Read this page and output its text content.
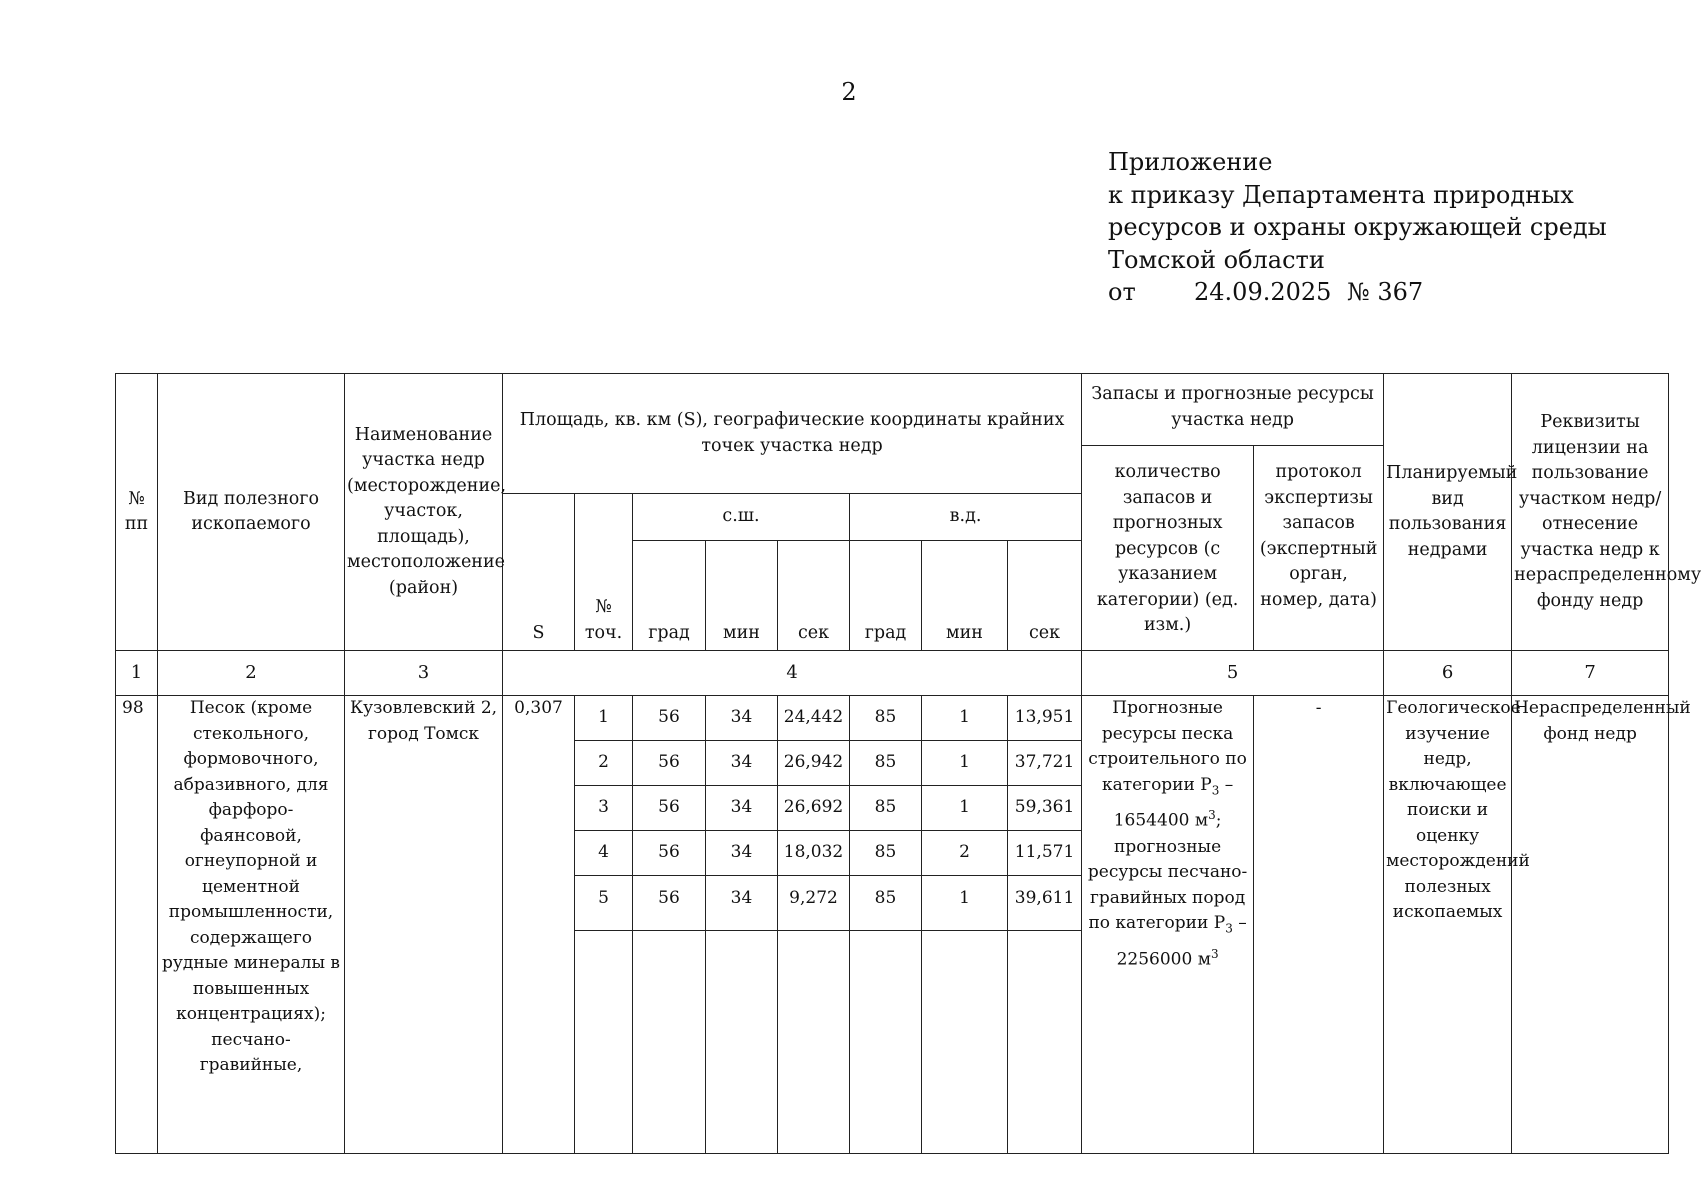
2
Приложение
к приказу Департамента природных
ресурсов и охраны окружающей среды
Томской области
от 24.09.2025 № 367
№ пп	Вид полезного ископаемого	Наименование участка недр (месторождение, участок, площадь), местоположение (район)	Площадь, кв. км (S), географические координаты крайних точек участка недр								Запасы и прогнозные ресурсы участка недр		Планируемый вид пользования недрами	Реквизиты лицензии на пользование участком недр/ отнесение участка недр к нераспределенному фонду недр
											количество запасов и прогнозных ресурсов (с указанием категории) (ед. изм.)	протокол экспертизы запасов (экспертный орган, номер, дата)		
			S	№ точ.	с.ш.			в.д.						
					град	мин	сек	град	мин	сек				
1	2	3	4								5		6	7
98	Песок (кроме стекольного, формовочного, абразивного, для фарфоро-фаянсовой, огнеупорной и цементной промышленности, содержащего рудные минералы в повышенных концентрациях); песчано-гравийные,	Кузовлевский 2, город Томск	0,307	1	56	34	24,442	85	1	13,951	Прогнозные ресурсы песка строительного по категории $Р_3 - 1654400$ $м^3$; прогнозные ресурсы песчано-гравийных пород по категории $Р_3 - 2256000$ $м^3$	-	Геологическое изучение недр, включающее поиски и оценку месторождений полезных ископаемых	Нераспределенный фонд недр
				2	56	34	26,942	85	1	37,721				
				3	56	34	26,692	85	1	59,361				
				4	56	34	18,032	85	2	11,571				
				5	56	34	9,272	85	1	39,611				
